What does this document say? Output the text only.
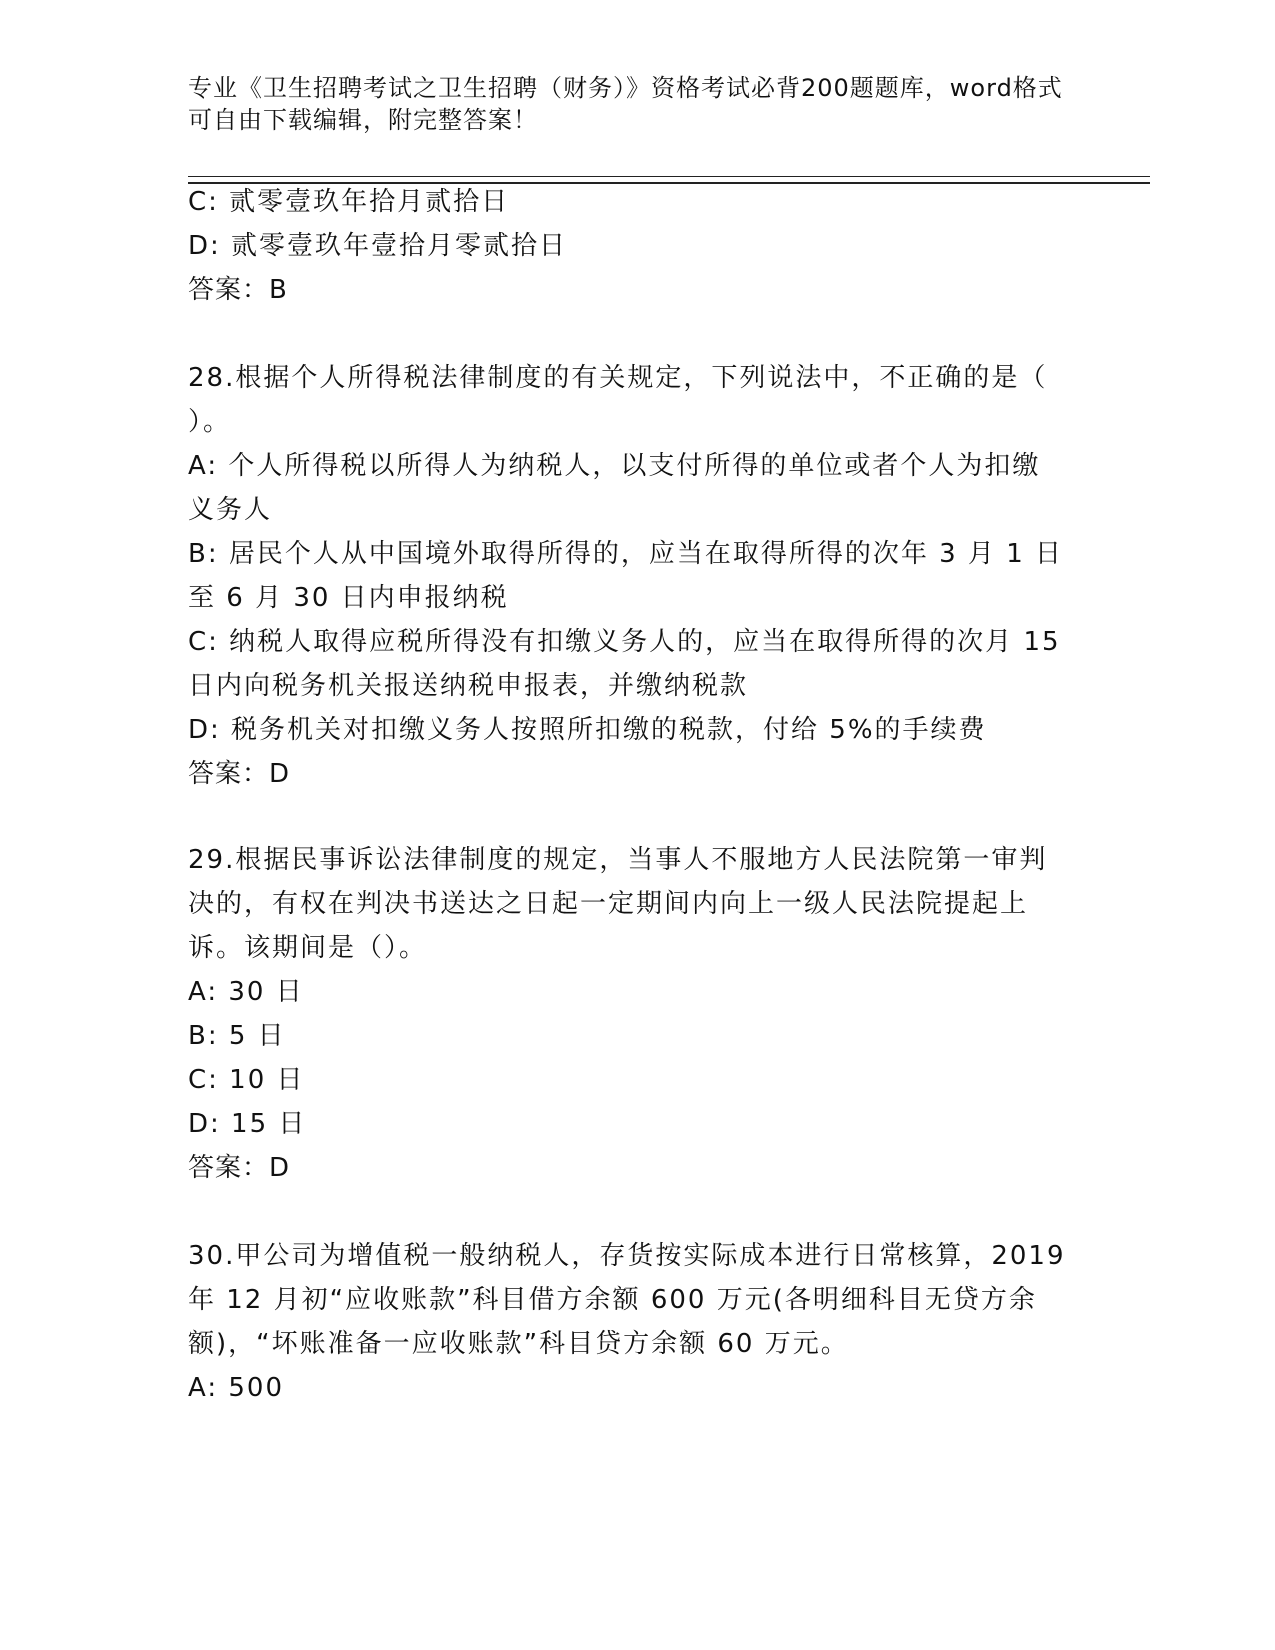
专业《卫生招聘考试之卫生招聘（财务）》资格考试必背200题题库，word格式
可自由下载编辑，附完整答案！
C: 贰零壹玖年拾月贰拾日
D: 贰零壹玖年壹拾月零贰拾日
答案：B
28.根据个人所得税法律制度的有关规定，下列说法中，不正确的是（
）。
A: 个人所得税以所得人为纳税人，以支付所得的单位或者个人为扣缴
义务人
B: 居民个人从中国境外取得所得的，应当在取得所得的次年 3 月 1 日
至 6 月 30 日内申报纳税
C: 纳税人取得应税所得没有扣缴义务人的，应当在取得所得的次月 15
日内向税务机关报送纳税申报表，并缴纳税款
D: 税务机关对扣缴义务人按照所扣缴的税款，付给 5%的手续费
答案：D
29.根据民事诉讼法律制度的规定，当事人不服地方人民法院第一审判
决的，有权在判决书送达之日起一定期间内向上一级人民法院提起上
诉。该期间是（）。
A: 30 日
B: 5 日
C: 10 日
D: 15 日
答案：D
30.甲公司为增值税一般纳税人，存货按实际成本进行日常核算，2019
年 12 月初“应收账款”科目借方余额 600 万元(各明细科目无贷方余
额)，“坏账准备一应收账款”科目贷方余额 60 万元。
A: 500
